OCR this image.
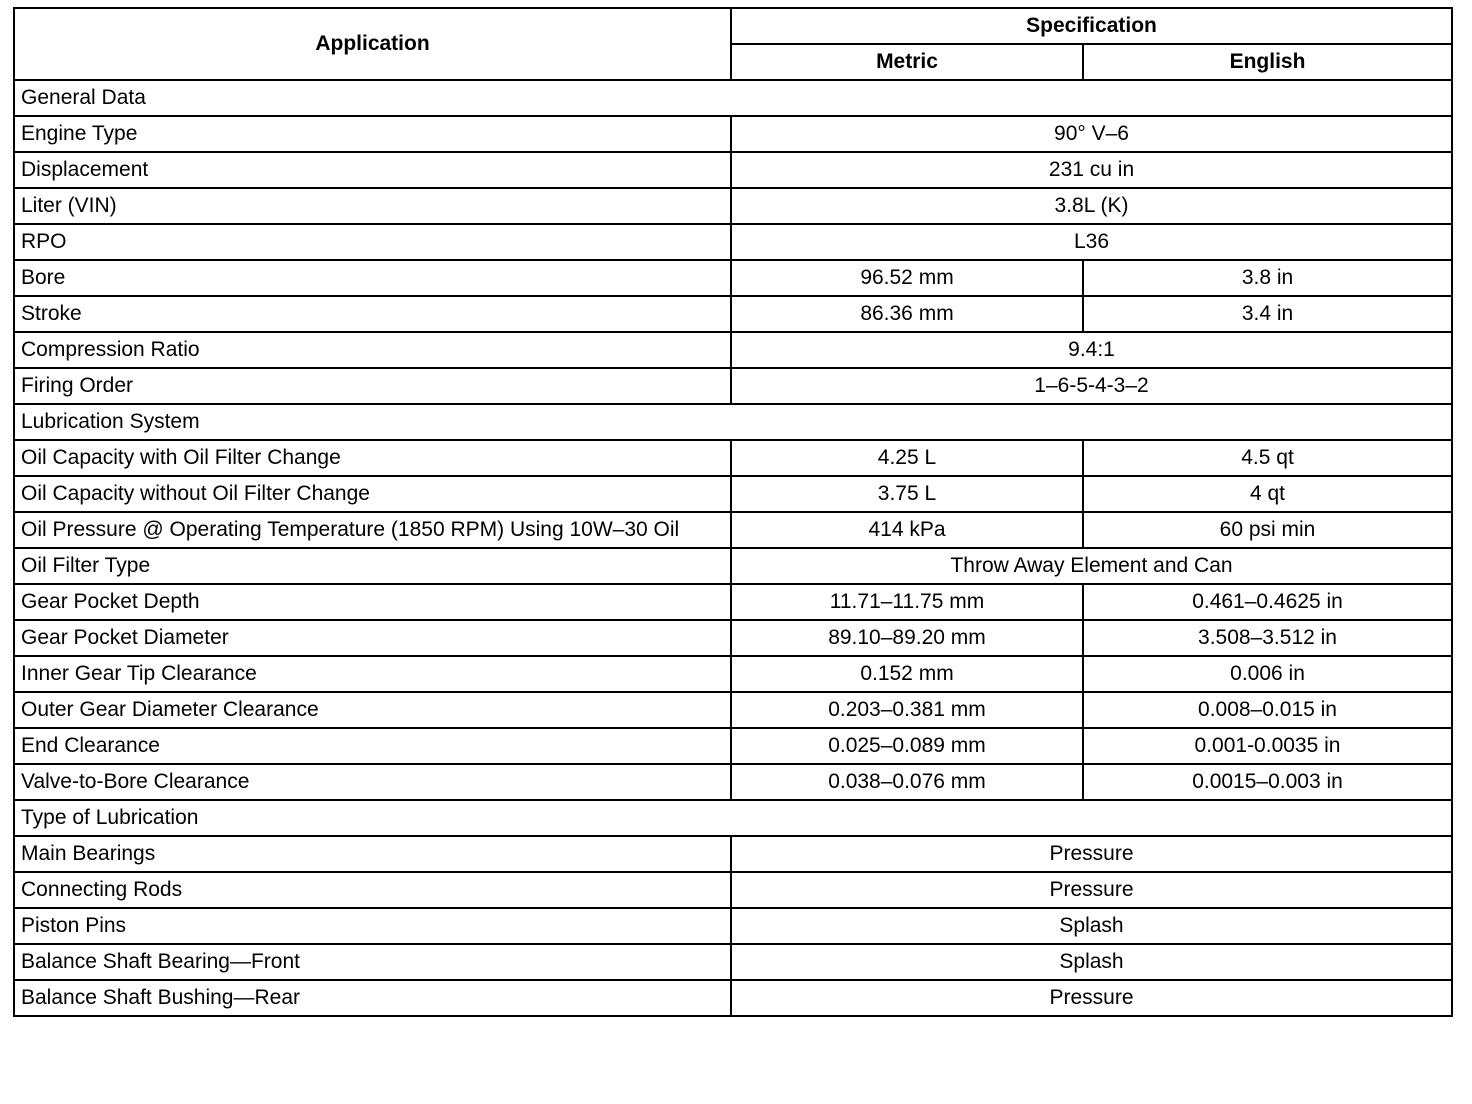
Application	Specification	
	Metric	English
General Data		
Engine Type	90° V–6	
Displacement	231 cu in	
Liter (VIN)	3.8L (K)	
RPO	L36	
Bore	96.52 mm	3.8 in
Stroke	86.36 mm	3.4 in
Compression Ratio	9.4:1	
Firing Order	1–6-5-4-3–2	
Lubrication System		
Oil Capacity with Oil Filter Change	4.25 L	4.5 qt
Oil Capacity without Oil Filter Change	3.75 L	4 qt
Oil Pressure @ Operating Temperature (1850 RPM) Using 10W–30 Oil	414 kPa	60 psi min
Oil Filter Type	Throw Away Element and Can	
Gear Pocket Depth	11.71–11.75 mm	0.461–0.4625 in
Gear Pocket Diameter	89.10–89.20 mm	3.508–3.512 in
Inner Gear Tip Clearance	0.152 mm	0.006 in
Outer Gear Diameter Clearance	0.203–0.381 mm	0.008–0.015 in
End Clearance	0.025–0.089 mm	0.001-0.0035 in
Valve-to-Bore Clearance	0.038–0.076 mm	0.0015–0.003 in
Type of Lubrication		
Main Bearings	Pressure	
Connecting Rods	Pressure	
Piston Pins	Splash	
Balance Shaft Bearing—Front	Splash	
Balance Shaft Bushing—Rear	Pressure	
